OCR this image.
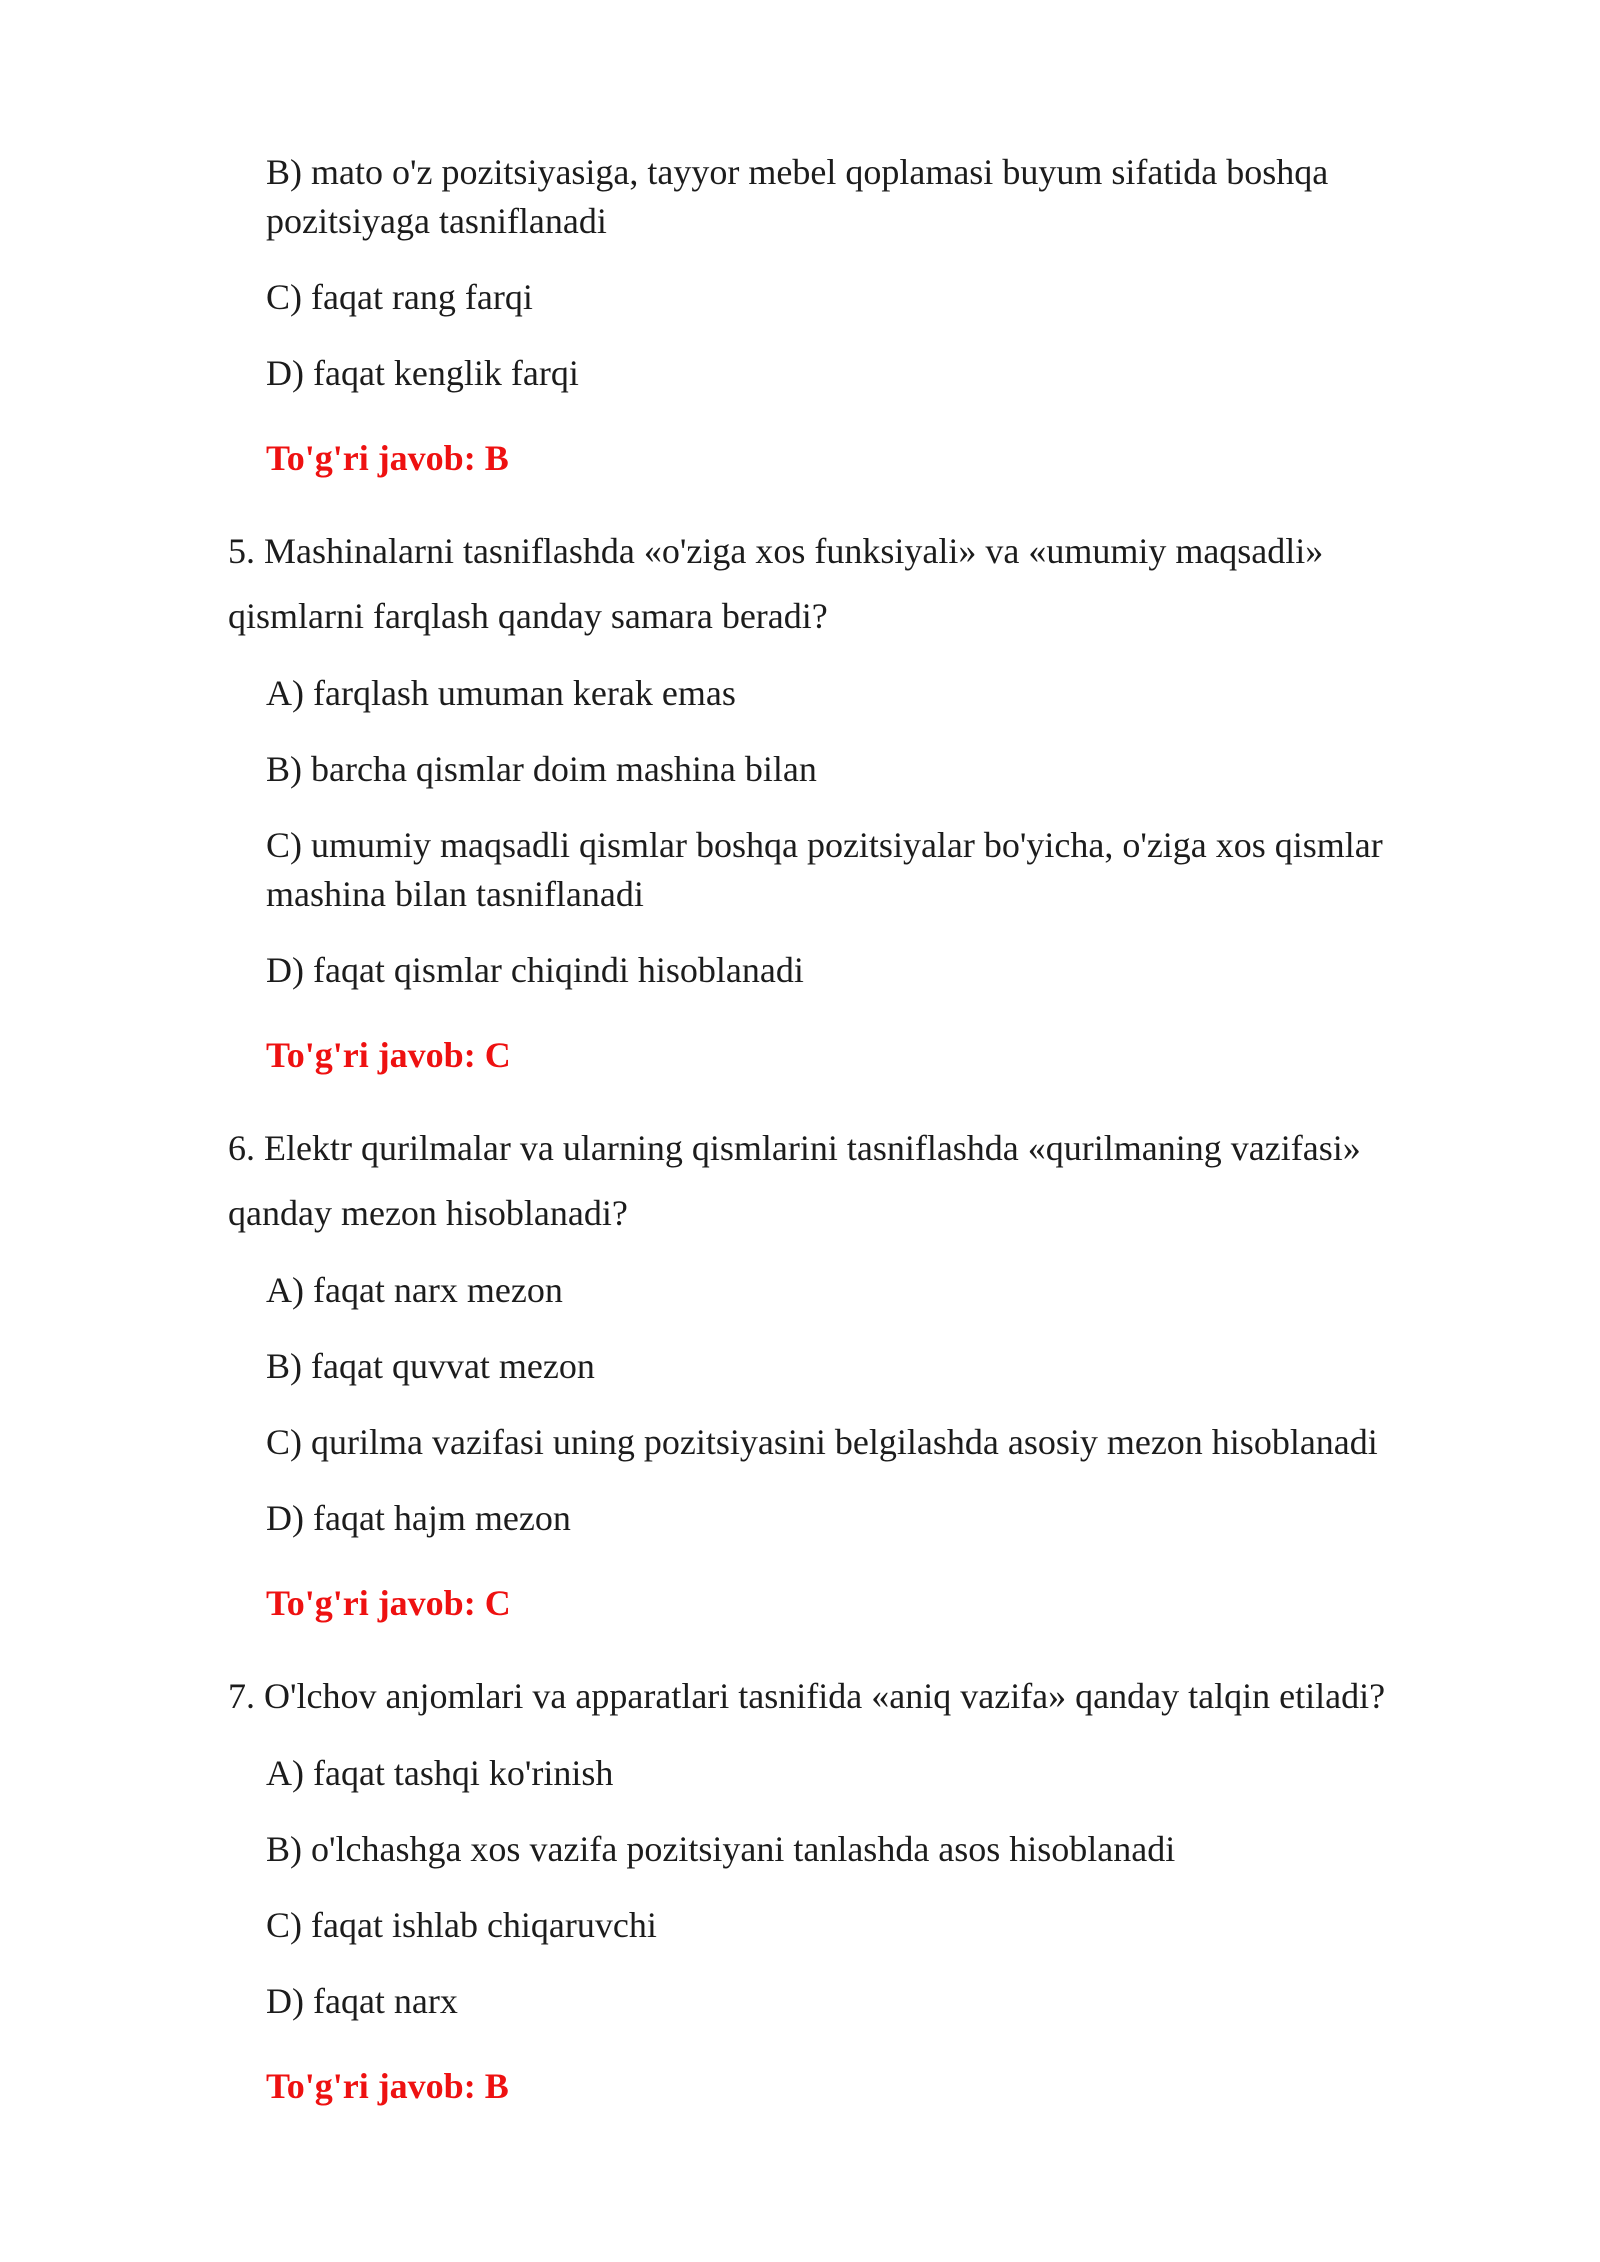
B) mato o'z pozitsiyasiga, tayyor mebel qoplamasi buyum sifatida boshqa pozitsiyaga tasniflanadi

C) faqat rang farqi

D) faqat kenglik farqi

To'g'ri javob: B

5. Mashinalarni tasniflashda «o'ziga xos funksiyali» va «umumiy maqsadli» qismlarni farqlash qanday samara beradi?

A) farqlash umuman kerak emas

B) barcha qismlar doim mashina bilan

C) umumiy maqsadli qismlar boshqa pozitsiyalar bo'yicha, o'ziga xos qismlar mashina bilan tasniflanadi

D) faqat qismlar chiqindi hisoblanadi

To'g'ri javob: C

6. Elektr qurilmalar va ularning qismlarini tasniflashda «qurilmaning vazifasi» qanday mezon hisoblanadi?

A) faqat narx mezon

B) faqat quvvat mezon

C) qurilma vazifasi uning pozitsiyasini belgilashda asosiy mezon hisoblanadi

D) faqat hajm mezon

To'g'ri javob: C

7. O'lchov anjomlari va apparatlari tasnifida «aniq vazifa» qanday talqin etiladi?

A) faqat tashqi ko'rinish

B) o'lchashga xos vazifa pozitsiyani tanlashda asos hisoblanadi

C) faqat ishlab chiqaruvchi

D) faqat narx

To'g'ri javob: B
